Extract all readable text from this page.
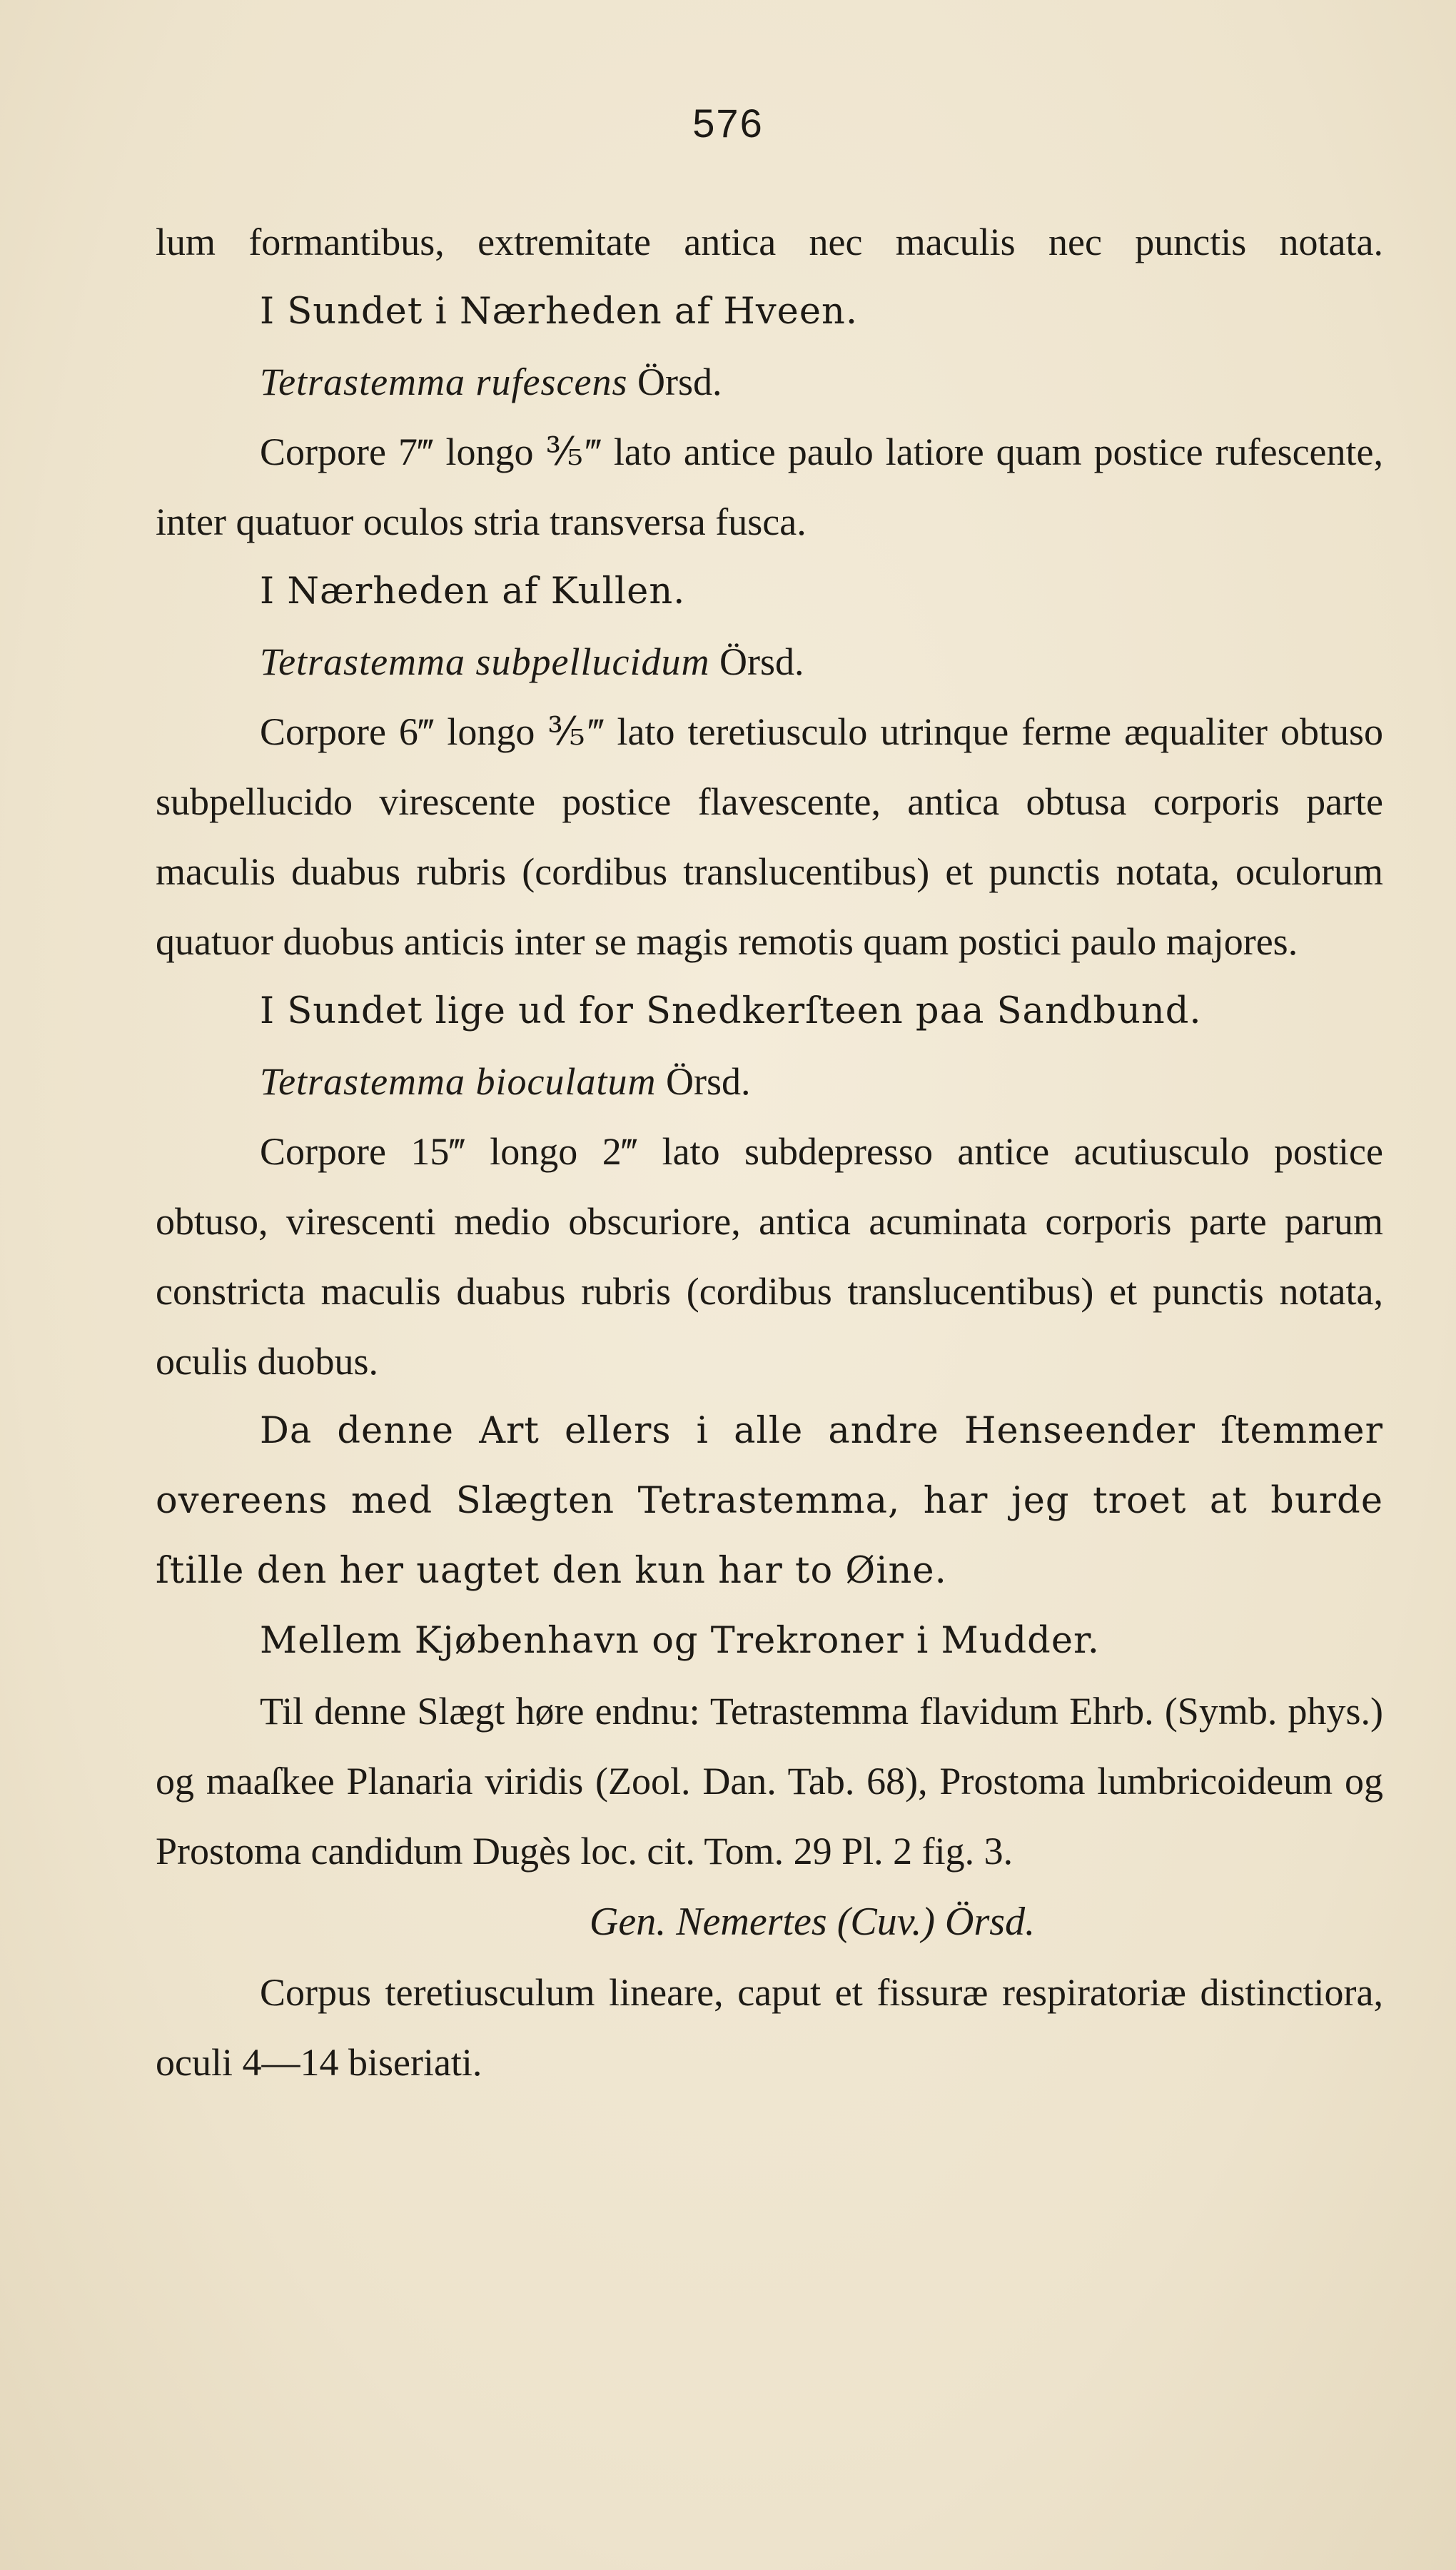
576

lum formantibus, extremitate antica nec maculis nec punctis notata.

I Sundet i Nærheden af Hveen.

Tetrastemma rufescens Örsd.

Corpore 7‴ longo ⅗‴ lato antice paulo latiore quam postice rufescente, inter quatuor oculos stria transversa fusca.

I Nærheden af Kullen.

Tetrastemma subpellucidum Örsd.

Corpore 6‴ longo ⅗‴ lato teretiusculo utrinque ferme æqualiter obtuso subpellucido virescente postice flavescente, antica obtusa corporis parte maculis duabus rubris (cordibus translucentibus) et punctis notata, oculorum quatuor duobus anticis inter se magis remotis quam postici paulo majores.

I Sundet lige ud for Snedkerſteen paa Sandbund.

Tetrastemma bioculatum Örsd.

Corpore 15‴ longo 2‴ lato subdepresso antice acutiusculo postice obtuso, virescenti medio obscuriore, antica acuminata corporis parte parum constricta maculis duabus rubris (cordibus translucentibus) et punctis notata, oculis duobus.

Da denne Art ellers i alle andre Henseender ſtemmer overeens med Slægten Tetrastemma, har jeg troet at burde ſtille den her uagtet den kun har to Øine.

Mellem Kjøbenhavn og Trekroner i Mudder.

Til denne Slægt høre endnu: Tetrastemma flavidum Ehrb. (Symb. phys.) og maaſkee Planaria viridis (Zool. Dan. Tab. 68), Prostoma lumbricoideum og Prostoma candidum Dugès loc. cit. Tom. 29 Pl. 2 fig. 3.

Gen. Nemertes (Cuv.) Örsd.

Corpus teretiusculum lineare, caput et fissuræ respiratoriæ distinctiora, oculi 4—14 biseriati.
